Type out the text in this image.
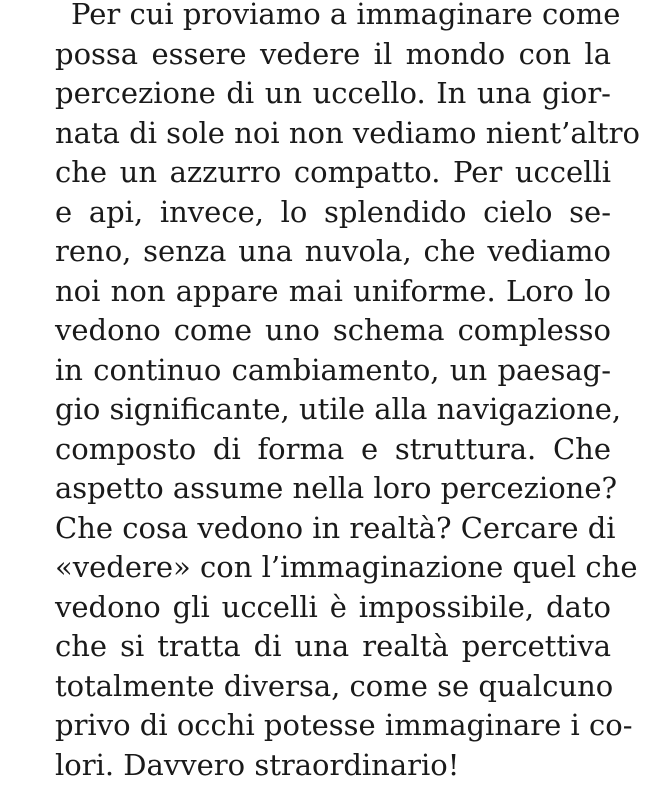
Per cui proviamo a immaginare come
possa essere vedere il mondo con la
percezione di un uccello. In una gior-
nata di sole noi non vediamo nient’altro
che un azzurro compatto. Per uccelli
e api, invece, lo splendido cielo se-
reno, senza una nuvola, che vediamo
noi non appare mai uniforme. Loro lo
vedono come uno schema complesso
in continuo cambiamento, un paesag-
gio significante, utile alla navigazione,
composto di forma e struttura. Che
aspetto assume nella loro percezione?
Che cosa vedono in realtà? Cercare di
«vedere» con l’immaginazione quel che
vedono gli uccelli è impossibile, dato
che si tratta di una realtà percettiva
totalmente diversa, come se qualcuno
privo di occhi potesse immaginare i co-
lori. Davvero straordinario!
